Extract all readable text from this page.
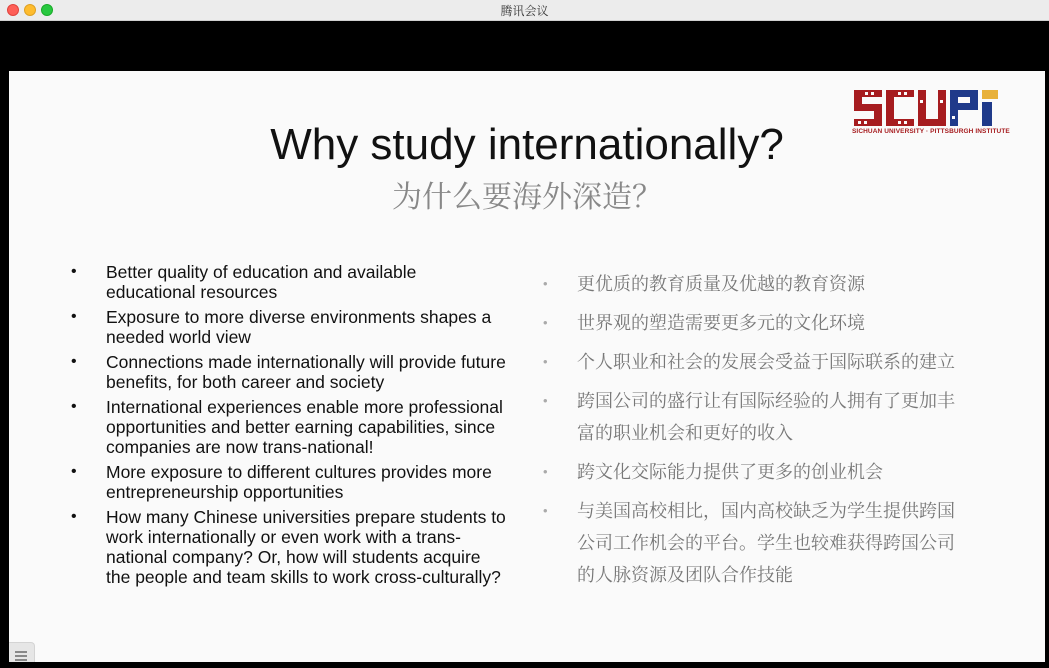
腾讯会议
SICHUAN UNIVERSITY · PITTSBURGH INSTITUTE
Why study internationally?
为什么要海外深造？
• Better quality of education and available educational resources
• Exposure to more diverse environments shapes a needed world view
• Connections made internationally will provide future benefits, for both career and society
• International experiences enable more professional opportunities and better earning capabilities, since companies are now trans-national!
• More exposure to different cultures provides more entrepreneurship opportunities
• How many Chinese universities prepare students to work internationally or even work with a trans-national company? Or, how will students acquire the people and team skills to work cross-culturally?
• 更优质的教育质量及优越的教育资源
• 世界观的塑造需要更多元的文化环境
• 个人职业和社会的发展会受益于国际联系的建立
• 跨国公司的盛行让有国际经验的人拥有了更加丰富的职业机会和更好的收入
• 跨文化交际能力提供了更多的创业机会
• 与美国高校相比，国内高校缺乏为学生提供跨国公司工作机会的平台。学生也较难获得跨国公司的人脉资源及团队合作技能
